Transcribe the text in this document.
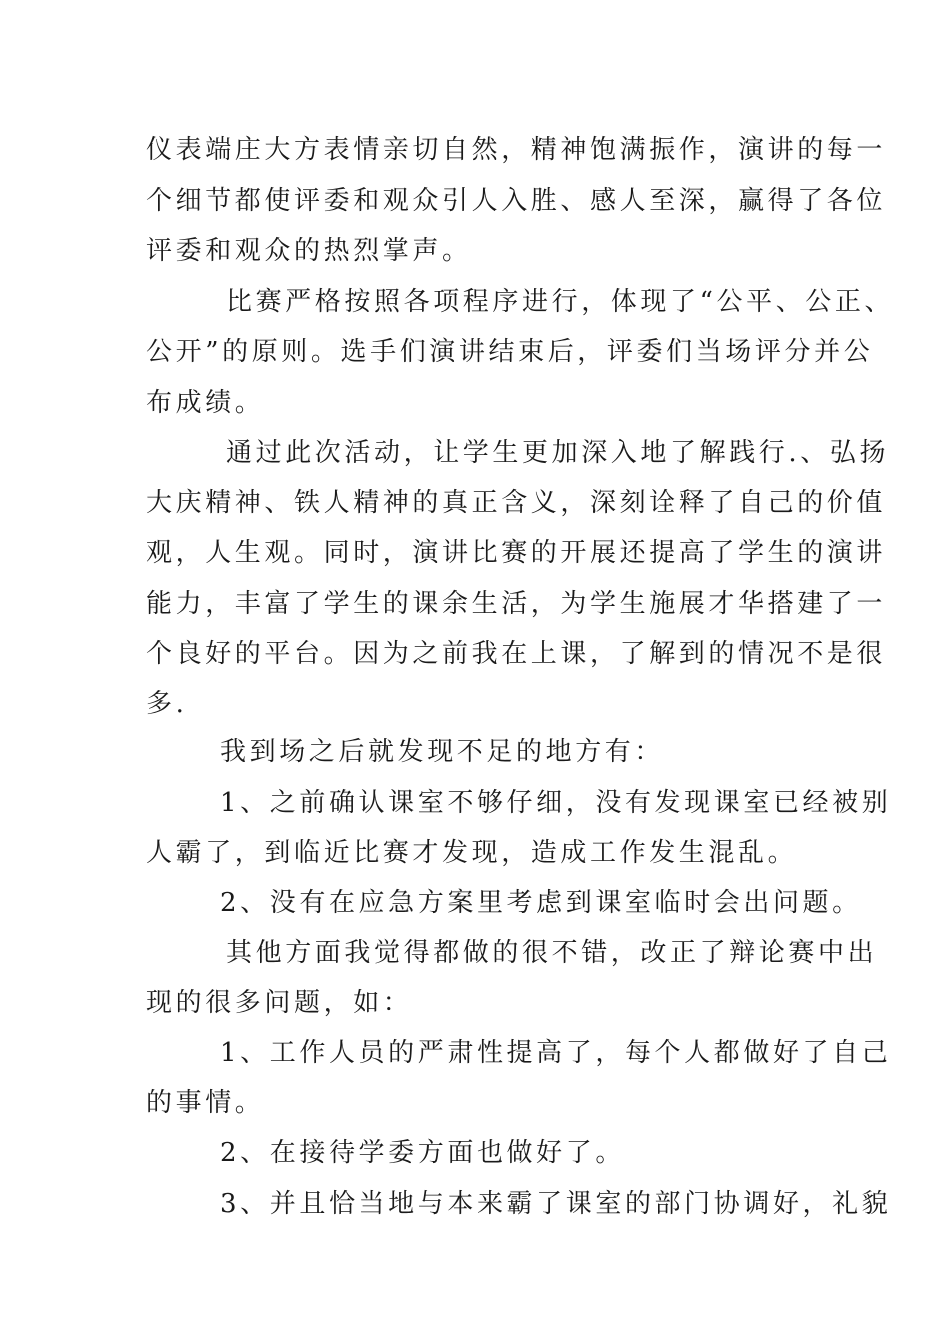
仪表端庄大方表情亲切自然，精神饱满振作，演讲的每一
个细节都使评委和观众引人入胜、感人至深，赢得了各位
评委和观众的热烈掌声。
比赛严格按照各项程序进行，体现了“公平、公正、
公开”的原则。选手们演讲结束后，评委们当场评分并公
布成绩。
通过此次活动，让学生更加深入地了解践行.、弘扬
大庆精神、铁人精神的真正含义，深刻诠释了自己的价值
观，人生观。同时，演讲比赛的开展还提高了学生的演讲
能力，丰富了学生的课余生活，为学生施展才华搭建了一
个良好的平台。因为之前我在上课，了解到的情况不是很
多.
我到场之后就发现不足的地方有：
1、之前确认课室不够仔细，没有发现课室已经被别
人霸了，到临近比赛才发现，造成工作发生混乱。
2、没有在应急方案里考虑到课室临时会出问题。
其他方面我觉得都做的很不错，改正了辩论赛中出
现的很多问题，如：
1、工作人员的严肃性提高了，每个人都做好了自己
的事情。
2、在接待学委方面也做好了。
3、并且恰当地与本来霸了课室的部门协调好，礼貌
